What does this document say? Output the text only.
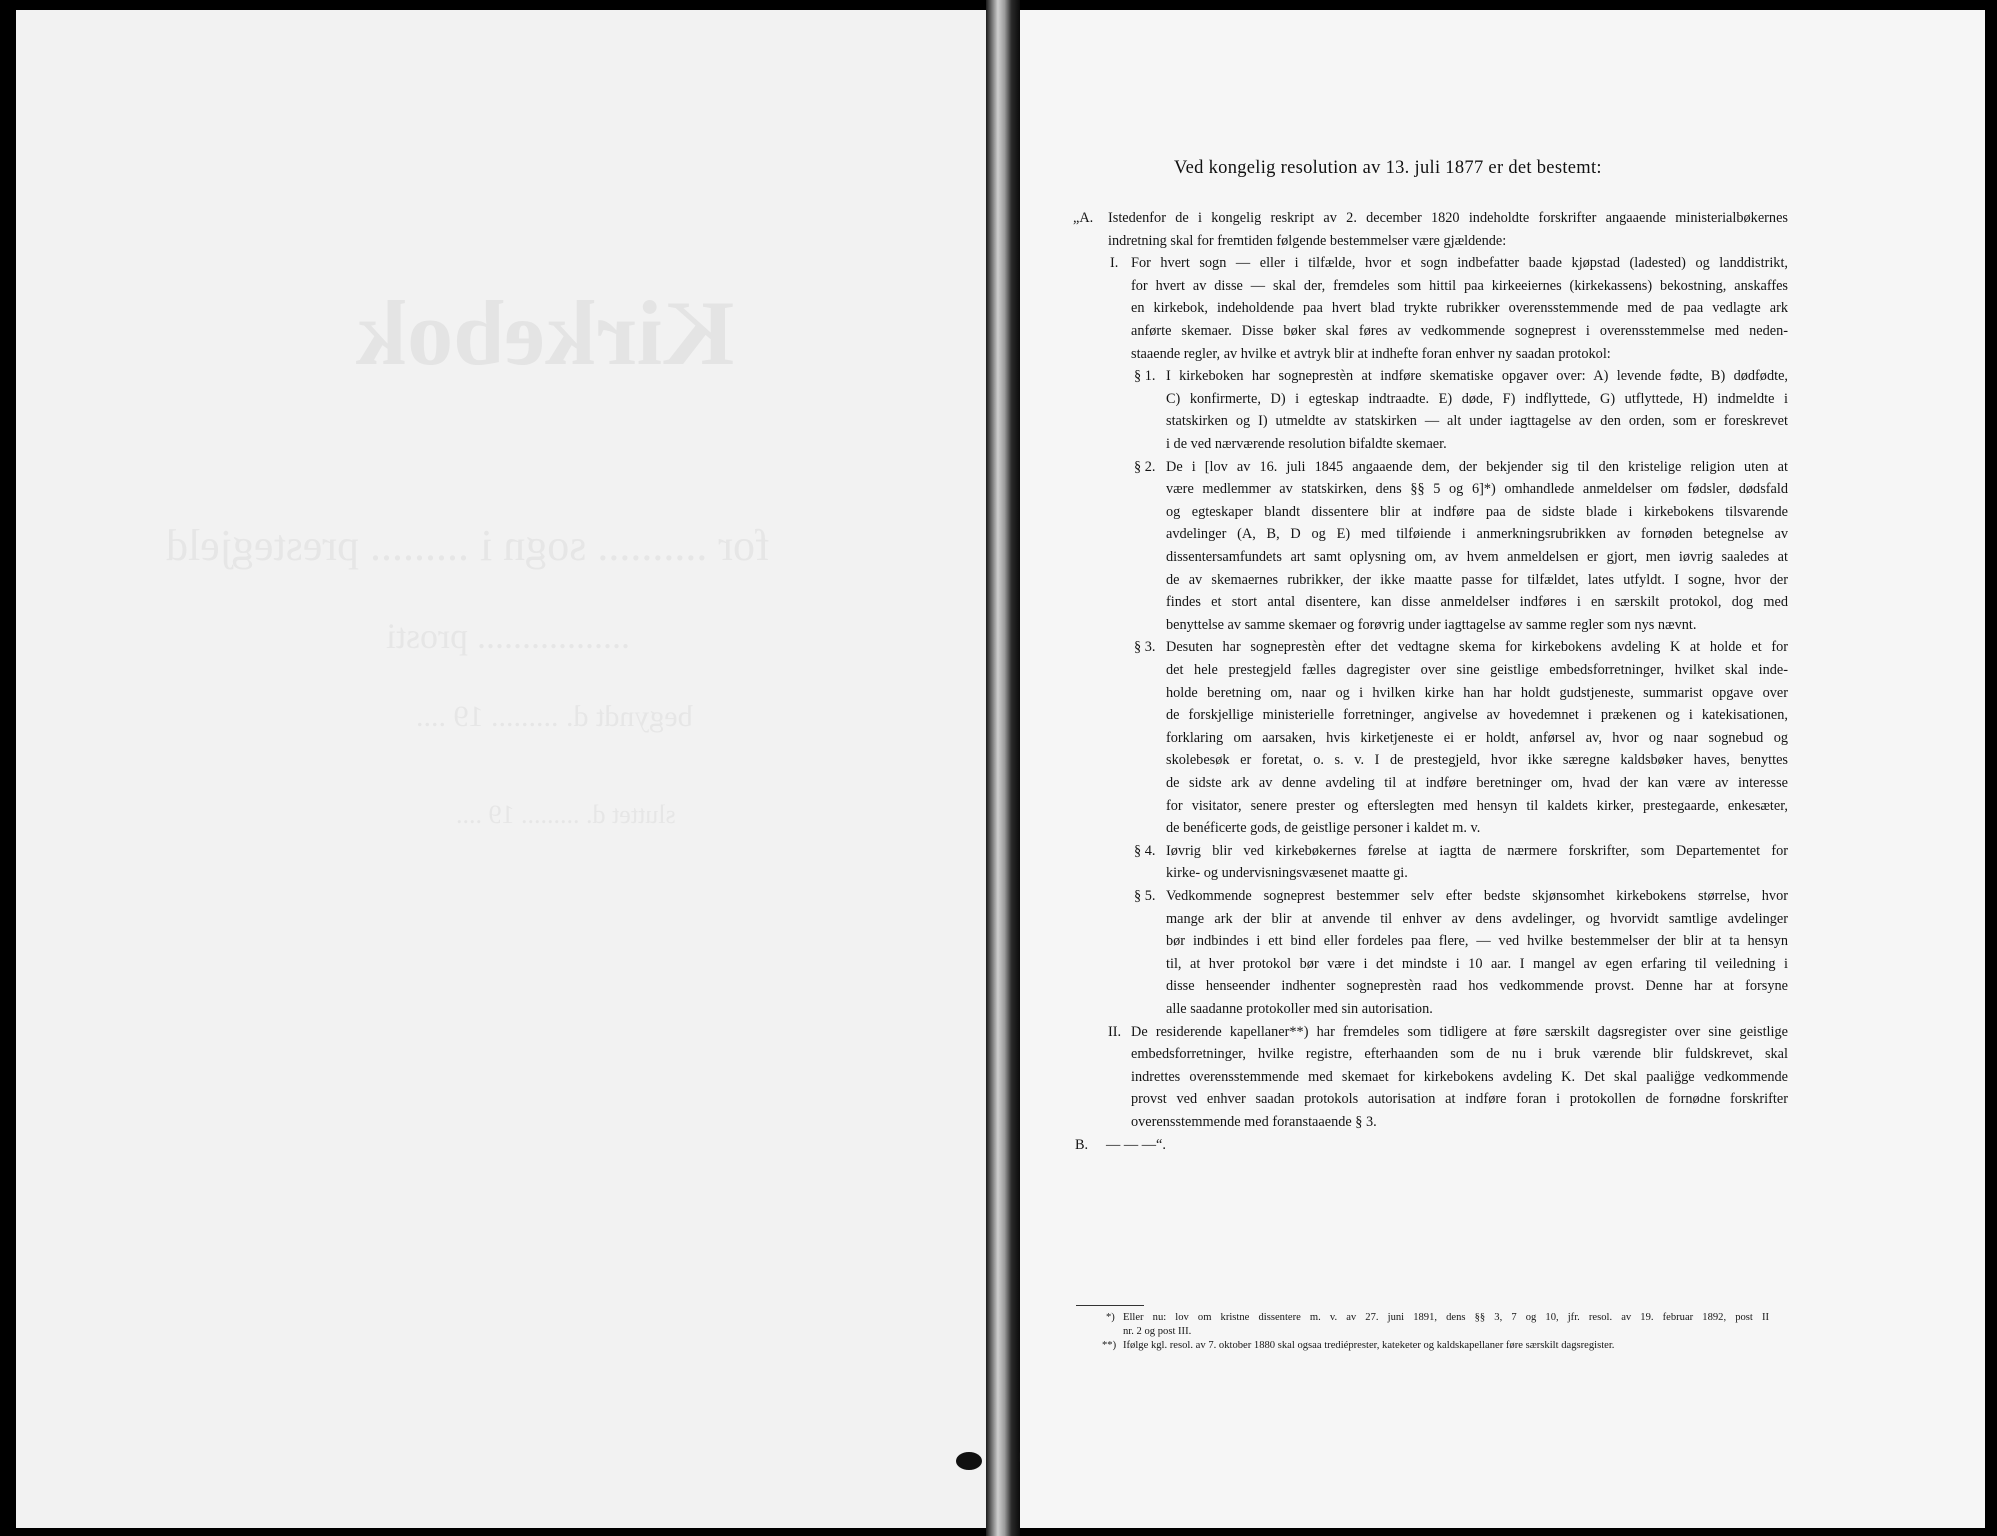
Kirkebok
for .......... sogn i ......... prestegjeld
................. prosti
begyndt d. ......... 19 ....
sluttet d. ......... 19 ....
Ved kongelig resolution av 13. juli 1877 er det bestemt:
„A. Istedenfor de i kongelig reskript av 2. december 1820 indeholdte forskrifter angaaende ministerialbøkernes
indretning skal for fremtiden følgende bestemmelser være gjældende:
I. For hvert sogn — eller i tilfælde, hvor et sogn indbefatter baade kjøpstad (ladested) og landdistrikt,
for hvert av disse — skal der, fremdeles som hittil paa kirkeeiernes (kirkekassens) bekostning, anskaffes
en kirkebok, indeholdende paa hvert blad trykte rubrikker overensstemmende med de paa vedlagte ark
anførte skemaer. Disse bøker skal føres av vedkommende sogneprest i overensstemmelse med neden-
staaende regler, av hvilke et avtryk blir at indhefte foran enhver ny saadan protokol:
§ 1. I kirkeboken har sogneprestèn at indføre skematiske opgaver over: A) levende fødte, B) dødfødte,
C) konfirmerte, D) i egteskap indtraadte. E) døde, F) indflyttede, G) utflyttede, H) indmeldte i
statskirken og I) utmeldte av statskirken — alt under iagttagelse av den orden, som er foreskrevet
i de ved nærværende resolution bifaldte skemaer.
§ 2. De i [lov av 16. juli 1845 angaaende dem, der bekjender sig til den kristelige religion uten at
være medlemmer av statskirken, dens §§ 5 og 6]*) omhandlede anmeldelser om fødsler, dødsfald
og egteskaper blandt dissentere blir at indføre paa de sidste blade i kirkebokens tilsvarende
avdelinger (A, B, D og E) med tilføiende i anmerkningsrubrikken av fornøden betegnelse av
dissentersamfundets art samt oplysning om, av hvem anmeldelsen er gjort, men iøvrig saaledes at
de av skemaernes rubrikker, der ikke maatte passe for tilfældet, lates utfyldt. I sogne, hvor der
findes et stort antal disentere, kan disse anmeldelser indføres i en særskilt protokol, dog med
benyttelse av samme skemaer og forøvrig under iagttagelse av samme regler som nys nævnt.
§ 3. Desuten har sogneprestèn efter det vedtagne skema for kirkebokens avdeling K at holde et for
det hele prestegjeld fælles dagregister over sine geistlige embedsforretninger, hvilket skal inde-
holde beretning om, naar og i hvilken kirke han har holdt gudstjeneste, summarist opgave over
de forskjellige ministerielle forretninger, angivelse av hovedemnet i prækenen og i katekisationen,
forklaring om aarsaken, hvis kirketjeneste ei er holdt, anførsel av, hvor og naar sognebud og
skolebesøk er foretat, o. s. v. I de prestegjeld, hvor ikke særegne kaldsbøker haves, benyttes
de sidste ark av denne avdeling til at indføre beretninger om, hvad der kan være av interesse
for visitator, senere prester og efterslegten med hensyn til kaldets kirker, prestegaarde, enkesæter,
de benéficerte gods, de geistlige personer i kaldet m. v.
§ 4. Iøvrig blir ved kirkebøkernes førelse at iagtta de nærmere forskrifter, som Departementet for
kirke- og undervisningsvæsenet maatte gi.
§ 5. Vedkommende sogneprest bestemmer selv efter bedste skjønsomhet kirkebokens størrelse, hvor
mange ark der blir at anvende til enhver av dens avdelinger, og hvorvidt samtlige avdelinger
bør indbindes i ett bind eller fordeles paa flere, — ved hvilke bestemmelser der blir at ta hensyn
til, at hver protokol bør være i det mindste i 10 aar. I mangel av egen erfaring til veiledning i
disse henseender indhenter sogneprestèn raad hos vedkommende provst. Denne har at forsyne
alle saadanne protokoller med sin autorisation.
II. De residerende kapellaner**) har fremdeles som tidligere at føre særskilt dagsregister over sine geistlige
embedsforretninger, hvilke registre, efterhaanden som de nu i bruk værende blir fuldskrevet, skal
indrettes overensstemmende med skemaet for kirkebokens avdeling K. Det skal paalig̈ge vedkommende
provst ved enhver saadan protokols autorisation at indføre foran i protokollen de fornødne forskrifter
overensstemmende med foranstaaende § 3.
B. — — —“.
*) Eller nu: lov om kristne dissentere m. v. av 27. juni 1891, dens §§ 3, 7 og 10, jfr. resol. av 19. februar 1892, post II
nr. 2 og post III.
**) Ifølge kgl. resol. av 7. oktober 1880 skal ogsaa trediéprester, kateketer og kaldskapellaner føre særskilt dagsregister.
